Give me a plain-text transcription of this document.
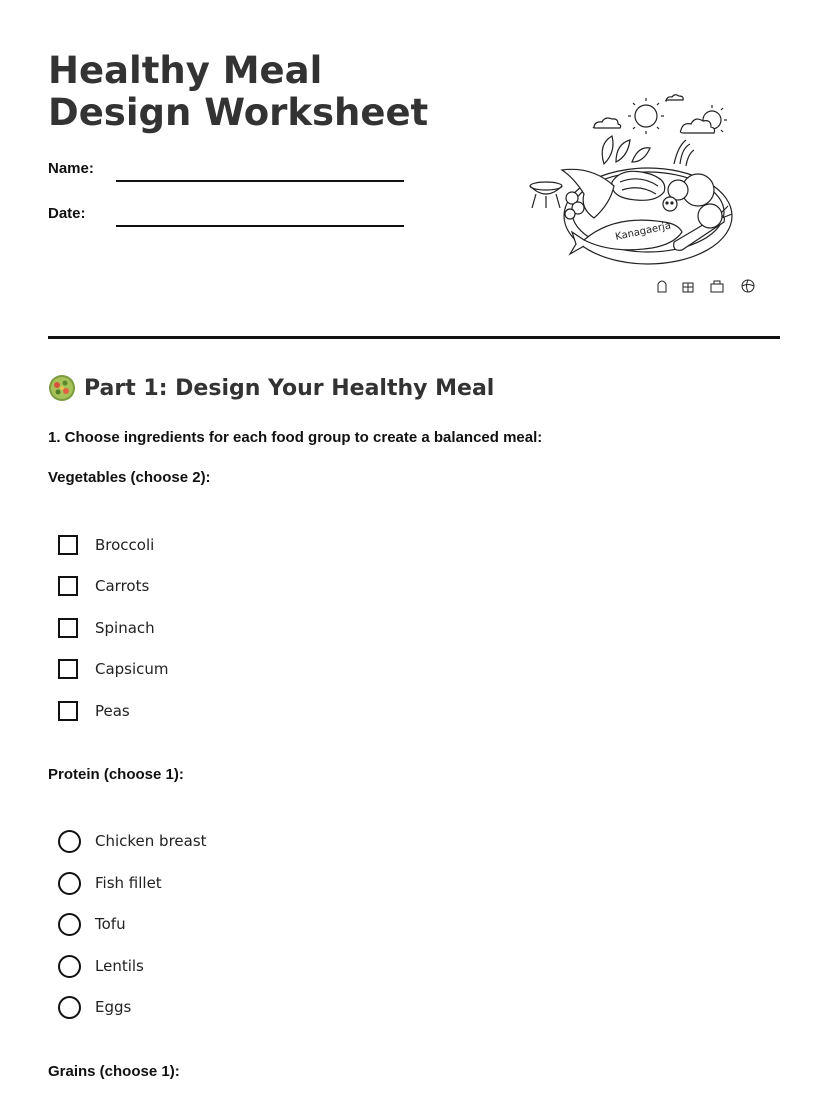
Healthy Meal Design Worksheet
Name:
Date:
Kanagaerja
Part 1: Design Your Healthy Meal
1. Choose ingredients for each food group to create a balanced meal:
Vegetables (choose 2):
Broccoli
Carrots
Spinach
Capsicum
Peas
Protein (choose 1):
Chicken breast
Fish fillet
Tofu
Lentils
Eggs
Grains (choose 1):
